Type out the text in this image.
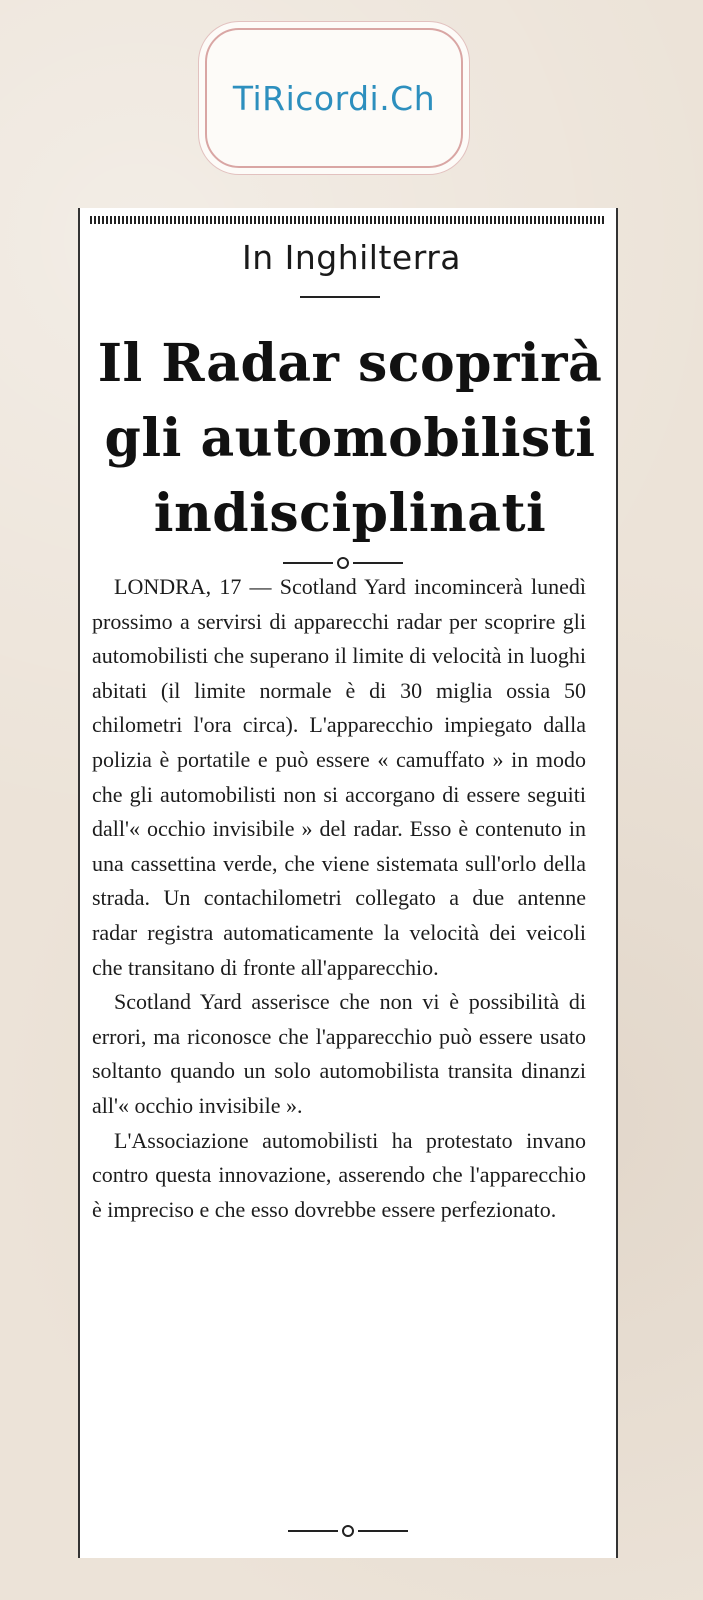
TiRicordi.Ch
In Inghilterra
Il Radar scoprirà
gli automobilisti
indisciplinati

LONDRA, 17 — Scotland Yard incomincerà lunedì prossimo a servirsi di apparecchi radar per scoprire gli automobilisti che superano il limite di velocità in luoghi abitati (il limite normale è di 30 miglia ossia 50 chilometri l'ora circa). L'apparecchio impiegato dalla polizia è portatile e può essere « camuffato » in modo che gli automobilisti non si accorgano di essere seguiti dall'« occhio invisibile » del radar. Esso è contenuto in una cassettina verde, che viene sistemata sull'orlo della strada. Un contachilometri collegato a due antenne radar registra automaticamente la velocità dei veicoli che transitano di fronte all'apparecchio.

Scotland Yard asserisce che non vi è possibilità di errori, ma riconosce che l'apparecchio può essere usato soltanto quando un solo automobilista transita dinanzi all'« occhio invisibile ».

L'Associazione automobilisti ha protestato invano contro questa innovazione, asserendo che l'apparecchio è impreciso e che esso dovrebbe essere perfezionato.
